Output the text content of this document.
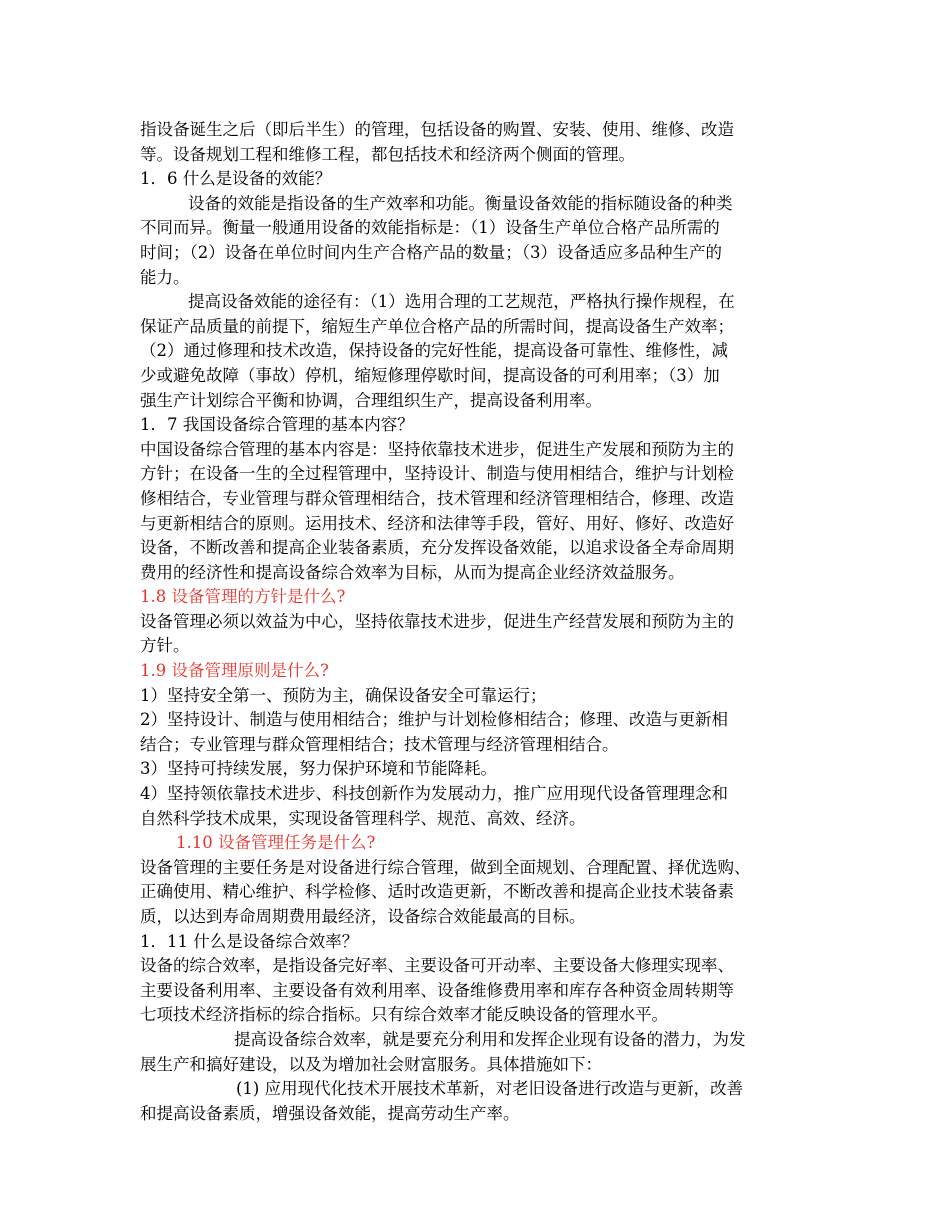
指设备诞生之后（即后半生）的管理，包括设备的购置、安装、使用、维修、改造
等。设备规划工程和维修工程，都包括技术和经济两个侧面的管理。
1．6 什么是设备的效能？
设备的效能是指设备的生产效率和功能。衡量设备效能的指标随设备的种类
不同而异。衡量一般通用设备的效能指标是：（1）设备生产单位合格产品所需的
时间；（2）设备在单位时间内生产合格产品的数量；（3）设备适应多品种生产的
能力。
提高设备效能的途径有：（1）选用合理的工艺规范，严格执行操作规程，在
保证产品质量的前提下，缩短生产单位合格产品的所需时间，提高设备生产效率；
（2）通过修理和技术改造，保持设备的完好性能，提高设备可靠性、维修性，减
少或避免故障（事故）停机，缩短修理停歇时间，提高设备的可利用率；（3）加
强生产计划综合平衡和协调，合理组织生产，提高设备利用率。
1．7 我国设备综合管理的基本内容？
中国设备综合管理的基本内容是：坚持依靠技术进步，促进生产发展和预防为主的
方针；在设备一生的全过程管理中，坚持设计、制造与使用相结合，维护与计划检
修相结合，专业管理与群众管理相结合，技术管理和经济管理相结合，修理、改造
与更新相结合的原则。运用技术、经济和法律等手段，管好、用好、修好、改造好
设备，不断改善和提高企业装备素质，充分发挥设备效能，以追求设备全寿命周期
费用的经济性和提高设备综合效率为目标，从而为提高企业经济效益服务。
1.8 设备管理的方针是什么?
设备管理必须以效益为中心，坚持依靠技术进步，促进生产经营发展和预防为主的
方针。
1.9 设备管理原则是什么?
1）坚持安全第一、预防为主，确保设备安全可靠运行；
2）坚持设计、制造与使用相结合；维护与计划检修相结合；修理、改造与更新相
结合；专业管理与群众管理相结合；技术管理与经济管理相结合。
3）坚持可持续发展，努力保护环境和节能降耗。
4）坚持领依靠技术进步、科技创新作为发展动力，推广应用现代设备管理理念和
自然科学技术成果，实现设备管理科学、规范、高效、经济。
1.10 设备管理任务是什么?
设备管理的主要任务是对设备进行综合管理，做到全面规划、合理配置、择优选购、
正确使用、精心维护、科学检修、适时改造更新，不断改善和提高企业技术装备素
质，以达到寿命周期费用最经济，设备综合效能最高的目标。
1．11 什么是设备综合效率？
设备的综合效率，是指设备完好率、主要设备可开动率、主要设备大修理实现率、
主要设备利用率、主要设备有效利用率、设备维修费用率和库存各种资金周转期等
七项技术经济指标的综合指标。只有综合效率才能反映设备的管理水平。
提高设备综合效率，就是要充分利用和发挥企业现有设备的潜力，为发
展生产和搞好建设，以及为增加社会财富服务。具体措施如下：
(1) 应用现代化技术开展技术革新，对老旧设备进行改造与更新，改善
和提高设备素质，增强设备效能，提高劳动生产率。
